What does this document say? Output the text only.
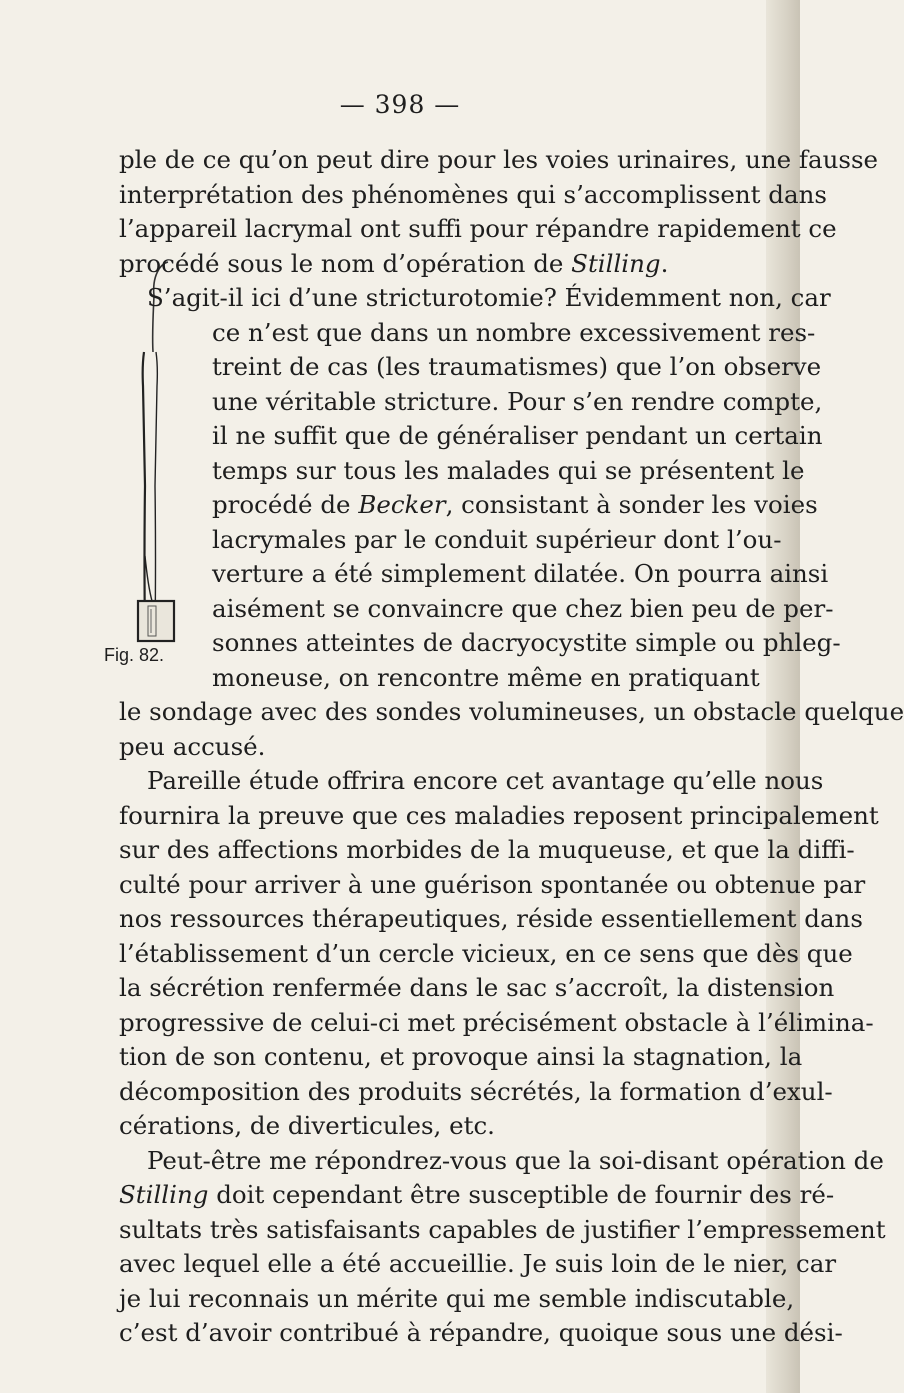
— 398 —
Fig. 82.
ple de ce qu’on peut dire pour les voies urinaires, une fausse
interprétation des phénomènes qui s’accomplissent dans
l’appareil lacrymal ont suffi pour répandre rapidement ce
procédé sous le nom d’opération de Stilling.
S’agit-il ici d’une stricturotomie? Évidemment non, car
ce n’est que dans un nombre excessivement res-
treint de cas (les traumatismes) que l’on observe
une véritable stricture. Pour s’en rendre compte,
il ne suffit que de généraliser pendant un certain
temps sur tous les malades qui se présentent le
procédé de Becker, consistant à sonder les voies
lacrymales par le conduit supérieur dont l’ou-
verture a été simplement dilatée. On pourra ainsi
aisément se convaincre que chez bien peu de per-
sonnes atteintes de dacryocystite simple ou phleg-
moneuse, on rencontre même en pratiquant
le sondage avec des sondes volumineuses, un obstacle quelque
peu accusé.
Pareille étude offrira encore cet avantage qu’elle nous
fournira la preuve que ces maladies reposent principalement
sur des affections morbides de la muqueuse, et que la diffi-
culté pour arriver à une guérison spontanée ou obtenue par
nos ressources thérapeutiques, réside essentiellement dans
l’établissement d’un cercle vicieux, en ce sens que dès que
la sécrétion renfermée dans le sac s’accroît, la distension
progressive de celui-ci met précisément obstacle à l’élimina-
tion de son contenu, et provoque ainsi la stagnation, la
décomposition des produits sécrétés, la formation d’exul-
cérations, de diverticules, etc.
Peut-être me répondrez-vous que la soi-disant opération de
Stilling doit cependant être susceptible de fournir des ré-
sultats très satisfaisants capables de justifier l’empressement
avec lequel elle a été accueillie. Je suis loin de le nier, car
je lui reconnais un mérite qui me semble indiscutable,
c’est d’avoir contribué à répandre, quoique sous une dési-
